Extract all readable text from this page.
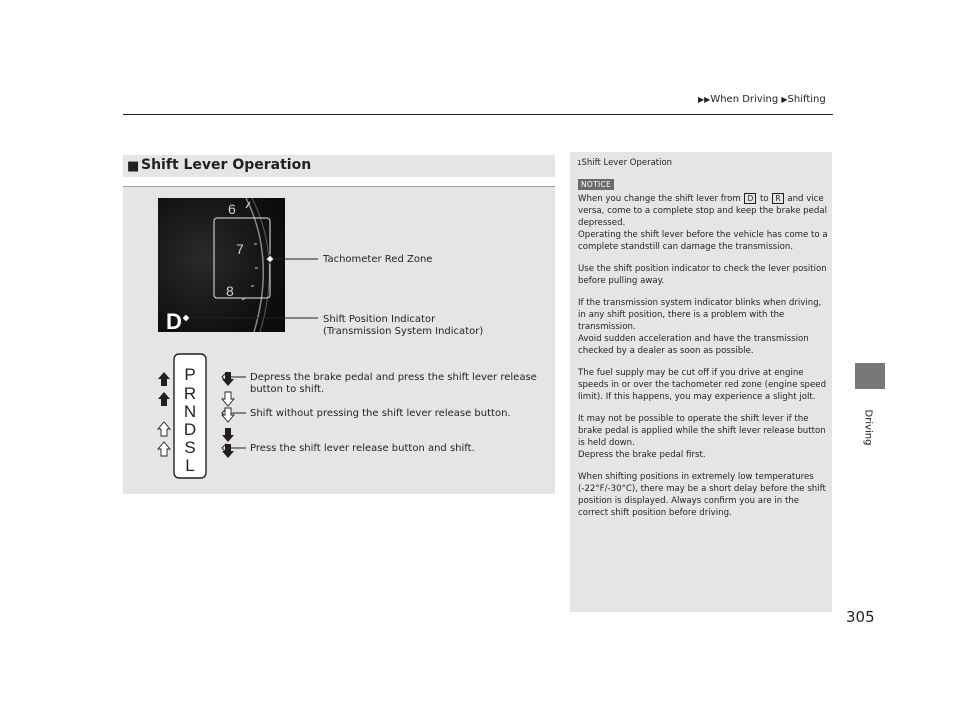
▶▶When Driving ▶Shifting
Driving
■ Shift Lever Operation
6
7
8
D
Tachometer Red Zone
Shift Position Indicator
(Transmission System Indicator)
P
R
N
D
S
L
Depress the brake pedal and press the shift lever release
button to shift.
Shift without pressing the shift lever release button.
Press the shift lever release button and shift.
1Shift Lever Operation
NOTICE

When you change the shift lever from D to R and vice versa, come to a complete stop and keep the brake pedal depressed.
Operating the shift lever before the vehicle has come to a complete standstill can damage the transmission.

Use the shift position indicator to check the lever position before pulling away.

If the transmission system indicator blinks when driving, in any shift position, there is a problem with the transmission.
Avoid sudden acceleration and have the transmission checked by a dealer as soon as possible.

The fuel supply may be cut off if you drive at engine speeds in or over the tachometer red zone (engine speed limit). If this happens, you may experience a slight jolt.

It may not be possible to operate the shift lever if the brake pedal is applied while the shift lever release button is held down.
Depress the brake pedal first.

When shifting positions in extremely low temperatures (-22°F/-30°C), there may be a short delay before the shift position is displayed. Always confirm you are in the correct shift position before driving.

305
